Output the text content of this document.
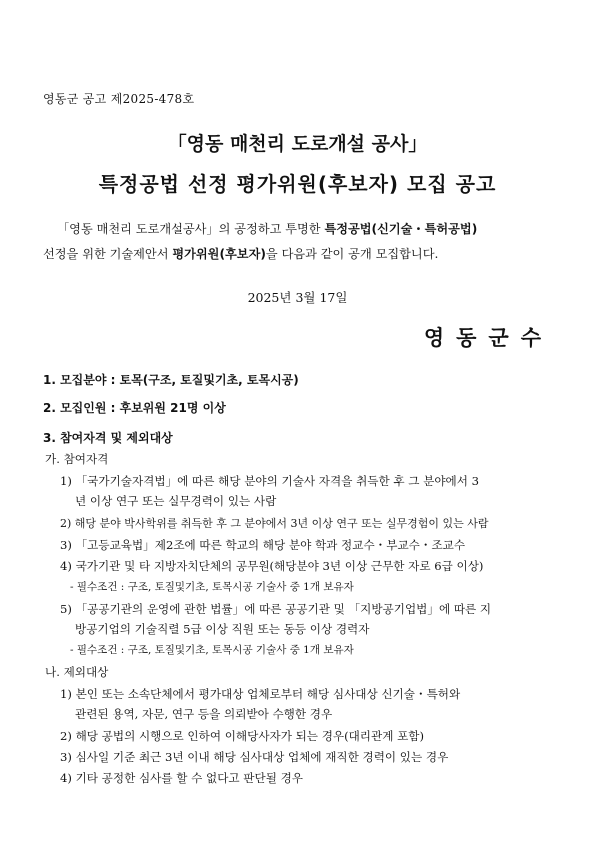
영동군 공고 제2025-478호
「영동 매천리 도로개설 공사」
특정공법 선정 평가위원(후보자) 모집 공고
「영동 매천리 도로개설공사」의 공정하고 투명한 특정공법(신기술・특허공법)
선정을 위한 기술제안서 평가위원(후보자)을 다음과 같이 공개 모집합니다.
2025년 3월 17일
영동군수
1. 모집분야 : 토목(구조, 토질및기초, 토목시공)
2. 모집인원 : 후보위원 21명 이상
3. 참여자격 및 제외대상
가. 참여자격
1) 「국가기술자격법」에 따른 해당 분야의 기술사 자격을 취득한 후 그 분야에서 3
년 이상 연구 또는 실무경력이 있는 사람
2) 해당 분야 박사학위를 취득한 후 그 분야에서 3년 이상 연구 또는 실무경험이 있는 사람
3) 「고등교육법」제2조에 따른 학교의 해당 분야 학과 정교수・부교수・조교수
4) 국가기관 및 타 지방자치단체의 공무원(해당분야 3년 이상 근무한 자로 6급 이상)
- 필수조건 : 구조, 토질및기초, 토목시공 기술사 중 1개 보유자
5) 「공공기관의 운영에 관한 법률」에 따른 공공기관 및 「지방공기업법」에 따른 지
방공기업의 기술직렬 5급 이상 직원 또는 동등 이상 경력자
- 필수조건 : 구조, 토질및기초, 토목시공 기술사 중 1개 보유자
나. 제외대상
1) 본인 또는 소속단체에서 평가대상 업체로부터 해당 심사대상 신기술・특허와
관련된 용역, 자문, 연구 등을 의뢰받아 수행한 경우
2) 해당 공법의 시행으로 인하여 이해당사자가 되는 경우(대리관계 포함)
3) 심사일 기준 최근 3년 이내 해당 심사대상 업체에 재직한 경력이 있는 경우
4) 기타 공정한 심사를 할 수 없다고 판단될 경우
